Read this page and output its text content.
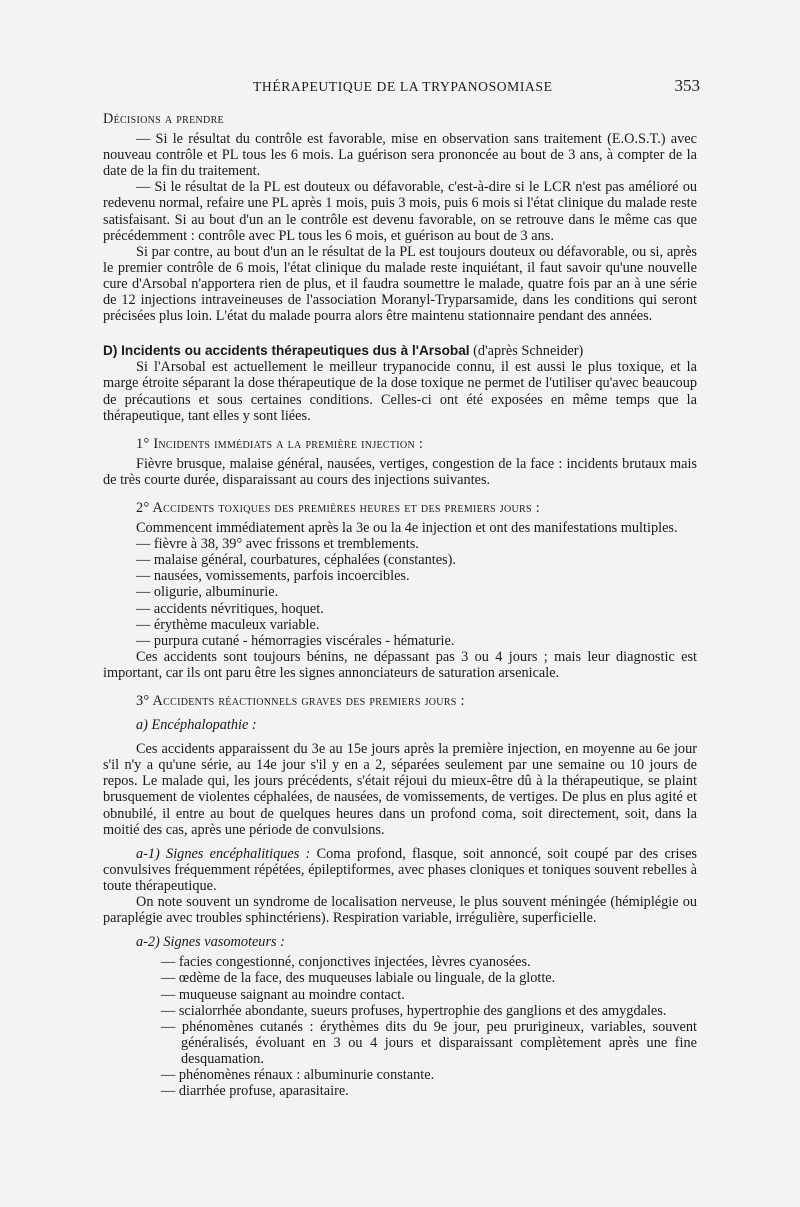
THÉRAPEUTIQUE DE LA TRYPANOSOMIASE	353

Décisions a prendre

— Si le résultat du contrôle est favorable, mise en observation sans traitement (E.O.S.T.) avec nouveau contrôle et PL tous les 6 mois. La guérison sera prononcée au bout de 3 ans, à compter de la date de la fin du traitement.

— Si le résultat de la PL est douteux ou défavorable, c'est-à-dire si le LCR n'est pas amélioré ou redevenu normal, refaire une PL après 1 mois, puis 3 mois, puis 6 mois si l'état clinique du malade reste satisfaisant. Si au bout d'un an le contrôle est devenu favorable, on se retrouve dans le même cas que précédemment : contrôle avec PL tous les 6 mois, et guérison au bout de 3 ans.

Si par contre, au bout d'un an le résultat de la PL est toujours douteux ou défavorable, ou si, après le premier contrôle de 6 mois, l'état clinique du malade reste inquiétant, il faut savoir qu'une nouvelle cure d'Arsobal n'apportera rien de plus, et il faudra soumettre le malade, quatre fois par an à une série de 12 injections intraveineuses de l'association Moranyl-Tryparsamide, dans les conditions qui seront précisées plus loin. L'état du malade pourra alors être maintenu stationnaire pendant des années.

D) Incidents ou accidents thérapeutiques dus à l'Arsobal (d'après Schneider)

Si l'Arsobal est actuellement le meilleur trypanocide connu, il est aussi le plus toxique, et la marge étroite séparant la dose thérapeutique de la dose toxique ne permet de l'utiliser qu'avec beaucoup de précautions et sous certaines conditions. Celles-ci ont été exposées en même temps que la thérapeutique, tant elles y sont liées.

1° Incidents immédiats a la première injection :

Fièvre brusque, malaise général, nausées, vertiges, congestion de la face : incidents brutaux mais de très courte durée, disparaissant au cours des injections suivantes.

2° Accidents toxiques des premières heures et des premiers jours :

Commencent immédiatement après la 3e ou la 4e injection et ont des manifestations multiples.

— fièvre à 38, 39° avec frissons et tremblements.
— malaise général, courbatures, céphalées (constantes).
— nausées, vomissements, parfois incoercibles.
— oligurie, albuminurie.
— accidents névritiques, hoquet.
— érythème maculeux variable.
— purpura cutané - hémorragies viscérales - hématurie.

Ces accidents sont toujours bénins, ne dépassant pas 3 ou 4 jours ; mais leur diagnostic est important, car ils ont paru être les signes annonciateurs de saturation arsenicale.

3° Accidents réactionnels graves des premiers jours :

a) Encéphalopathie :

Ces accidents apparaissent du 3e au 15e jours après la première injection, en moyenne au 6e jour s'il n'y a qu'une série, au 14e jour s'il y en a 2, séparées seulement par une semaine ou 10 jours de repos. Le malade qui, les jours précédents, s'était réjoui du mieux-être dû à la thérapeutique, se plaint brusquement de violentes céphalées, de nausées, de vomissements, de vertiges. De plus en plus agité et obnubilé, il entre au bout de quelques heures dans un profond coma, soit directement, soit, dans la moitié des cas, après une période de convulsions.

a-1) Signes encéphalitiques : Coma profond, flasque, soit annoncé, soit coupé par des crises convulsives fréquemment répétées, épileptiformes, avec phases cloniques et toniques souvent rebelles à toute thérapeutique.

On note souvent un syndrome de localisation nerveuse, le plus souvent méningée (hémiplégie ou paraplégie avec troubles sphinctériens). Respiration variable, irrégulière, superficielle.

a-2) Signes vasomoteurs :

— facies congestionné, conjonctives injectées, lèvres cyanosées.
— œdème de la face, des muqueuses labiale ou linguale, de la glotte.
— muqueuse saignant au moindre contact.
— scialorrhée abondante, sueurs profuses, hypertrophie des ganglions et des amygdales.
— phénomènes cutanés : érythèmes dits du 9e jour, peu prurigineux, variables, souvent généralisés, évoluant en 3 ou 4 jours et disparaissant complètement après une fine desquamation.
— phénomènes rénaux : albuminurie constante.
— diarrhée profuse, aparasitaire.
